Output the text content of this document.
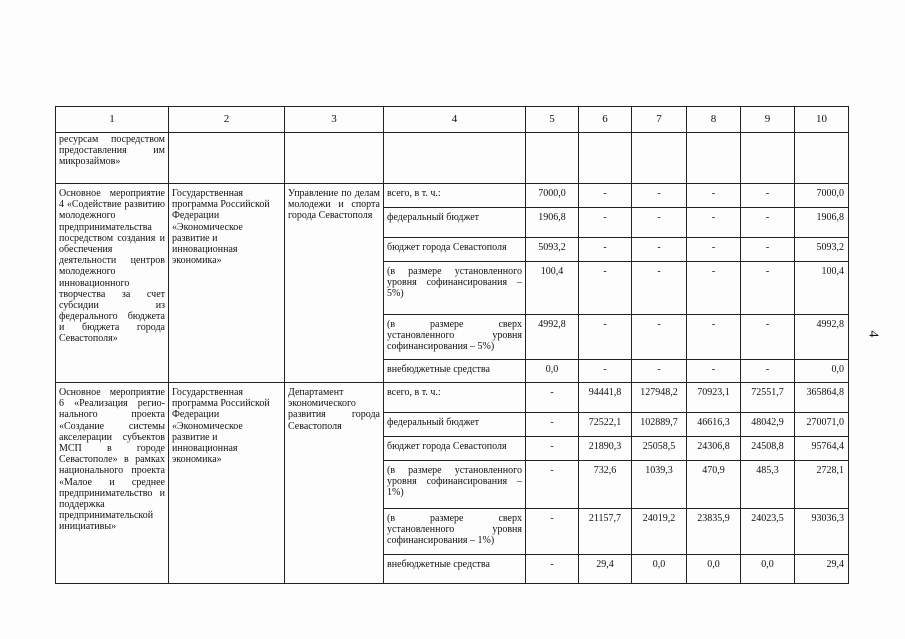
4
1	2	3	4	5	6	7	8	9	10
ресурсам посредством предоставления им микрозаймов»									
Основное мероприятие 4 «Содействие развитию молодежного предпринимательства посредством создания и обеспечения деятельности центров молодежного инновационного творчества за счет субсидии из федерального бюджета и бюджета города Севастополя»	Государственная программа Российской Федерации «Экономическое развитие и инновационная экономика»	Управление по делам молодежи и спорта города Севастополя	всего, в т. ч.:	7000,0	-	-	-	-	7000,0
			федеральный бюджет	1906,8	-	-	-	-	1906,8
			бюджет города Севастополя	5093,2	-	-	-	-	5093,2
			(в размере установленного уровня софинансирования – 5%)	100,4	-	-	-	-	100,4
			(в размере сверх установленного уровня софинансирования – 5%)	4992,8	-	-	-	-	4992,8
			внебюджетные средства	0,0	-	-	-	-	0,0
Основное мероприятие 6 «Реализация регио-нального проекта «Создание системы акселерации субъектов МСП в городе Севастополе» в рамках национального проекта «Малое и среднее предпринимательство и поддержка предпринимательской инициативы»	Государственная программа Российской Федерации «Экономическое развитие и инновационная экономика»	Департамент экономического развития города Севастополя	всего, в т. ч.:	-	94441,8	127948,2	70923,1	72551,7	365864,8
			федеральный бюджет	-	72522,1	102889,7	46616,3	48042,9	270071,0
			бюджет города Севастополя	-	21890,3	25058,5	24306,8	24508,8	95764,4
			(в размере установленного уровня софинансирования – 1%)	-	732,6	1039,3	470,9	485,3	2728,1
			(в размере сверх установленного уровня софинансирования – 1%)	-	21157,7	24019,2	23835,9	24023,5	93036,3
			внебюджетные средства	-	29,4	0,0	0,0	0,0	29,4
